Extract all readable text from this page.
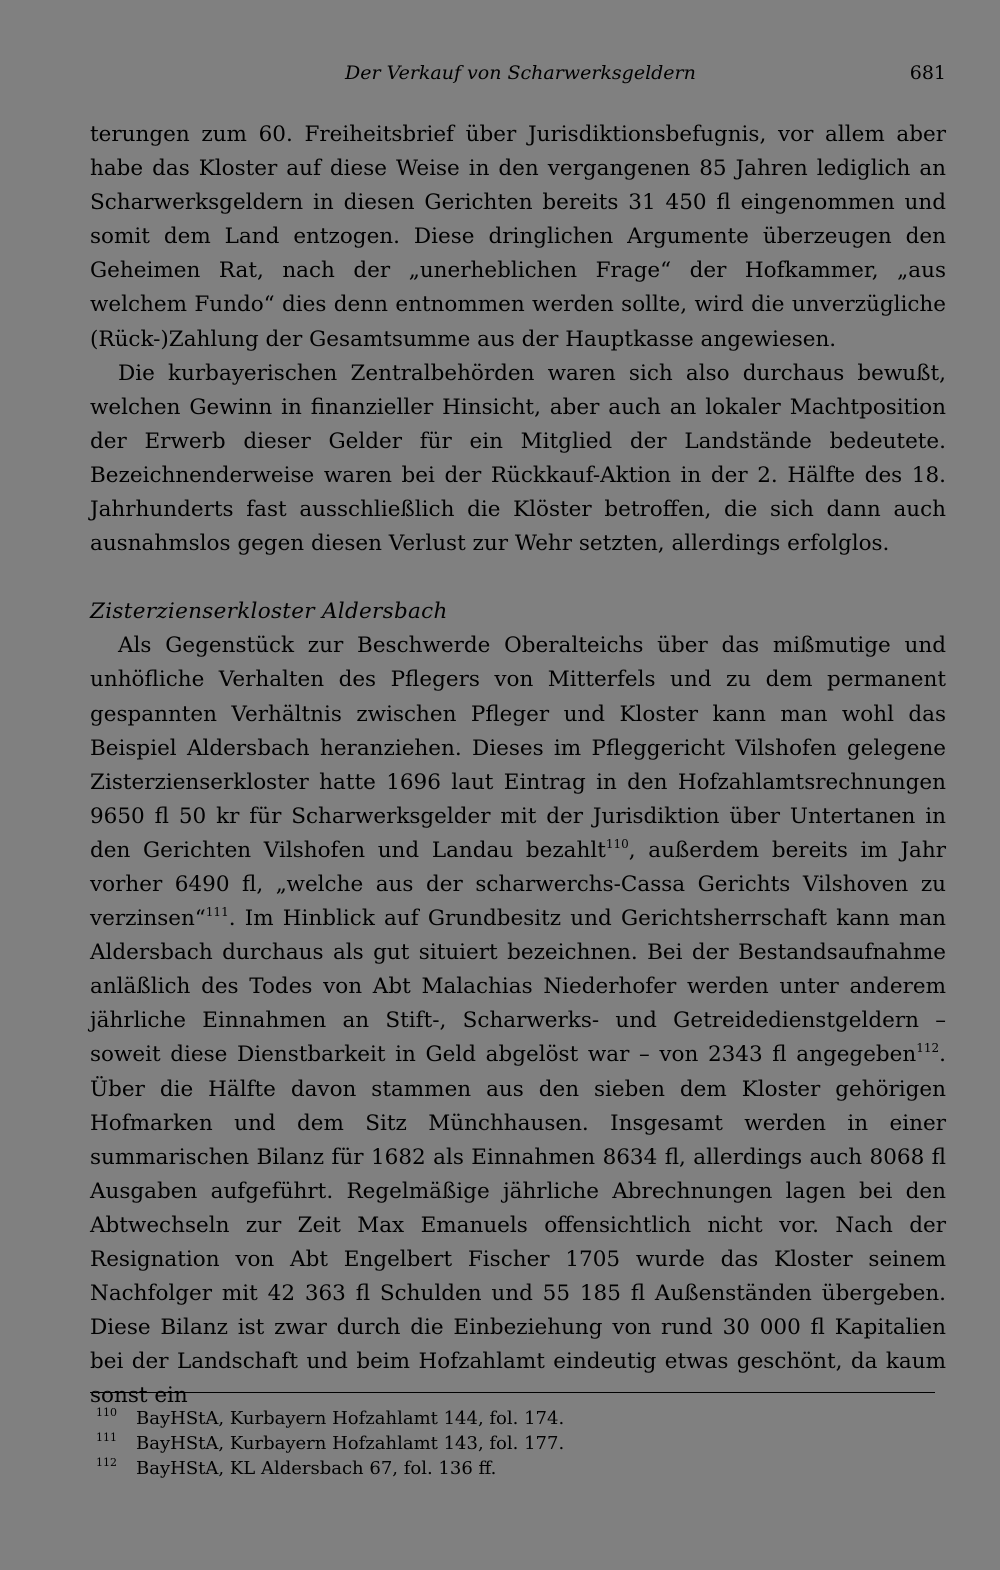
Der Verkauf von Scharwerksgeldern	681

terungen zum 60. Freiheitsbrief über Jurisdiktionsbefugnis, vor allem aber habe das Kloster auf diese Weise in den vergangenen 85 Jahren lediglich an Scharwerksgeldern in diesen Gerichten bereits 31 450 fl eingenommen und somit dem Land entzogen. Diese dringlichen Argumente überzeugen den Geheimen Rat, nach der „unerheblichen Frage“ der Hofkammer, „aus welchem Fundo“ dies denn entnommen werden sollte, wird die unverzügliche (Rück-)Zahlung der Gesamtsumme aus der Hauptkasse angewiesen.

Die kurbayerischen Zentralbehörden waren sich also durchaus bewußt, welchen Gewinn in finanzieller Hinsicht, aber auch an lokaler Machtposition der Erwerb dieser Gelder für ein Mitglied der Landstände bedeutete. Bezeichnenderweise waren bei der Rückkauf-Aktion in der 2. Hälfte des 18. Jahrhunderts fast ausschließlich die Klöster betroffen, die sich dann auch ausnahmslos gegen diesen Verlust zur Wehr setzten, allerdings erfolglos.

Zisterzienserkloster Aldersbach

Als Gegenstück zur Beschwerde Oberalteichs über das mißmutige und unhöfliche Verhalten des Pflegers von Mitterfels und zu dem permanent gespannten Verhältnis zwischen Pfleger und Kloster kann man wohl das Beispiel Aldersbach heranziehen. Dieses im Pfleggericht Vilshofen gelegene Zisterzienserkloster hatte 1696 laut Eintrag in den Hofzahlamtsrechnungen 9650 fl 50 kr für Scharwerksgelder mit der Jurisdiktion über Untertanen in den Gerichten Vilshofen und Landau bezahlt$^{110}$, außerdem bereits im Jahr vorher 6490 fl, „welche aus der scharwerchs-Cassa Gerichts Vilshoven zu verzinsen“$^{111}$. Im Hinblick auf Grundbesitz und Gerichtsherrschaft kann man Aldersbach durchaus als gut situiert bezeichnen. Bei der Bestandsaufnahme anläßlich des Todes von Abt Malachias Niederhofer werden unter anderem jährliche Einnahmen an Stift-, Scharwerks- und Getreidedienstgeldern – soweit diese Dienstbarkeit in Geld abgelöst war – von 2343 fl angegeben$^{112}$. Über die Hälfte davon stammen aus den sieben dem Kloster gehörigen Hofmarken und dem Sitz Münchhausen. Insgesamt werden in einer summarischen Bilanz für 1682 als Einnahmen 8634 fl, allerdings auch 8068 fl Ausgaben aufgeführt. Regelmäßige jährliche Abrechnungen lagen bei den Abtwechseln zur Zeit Max Emanuels offensichtlich nicht vor. Nach der Resignation von Abt Engelbert Fischer 1705 wurde das Kloster seinem Nachfolger mit 42 363 fl Schulden und 55 185 fl Außenständen übergeben. Diese Bilanz ist zwar durch die Einbeziehung von rund 30 000 fl Kapitalien bei der Landschaft und beim Hofzahlamt eindeutig etwas geschönt, da kaum sonst ein

110	BayHStA, Kurbayern Hofzahlamt 144, fol. 174.
111	BayHStA, Kurbayern Hofzahlamt 143, fol. 177.
112	BayHStA, KL Aldersbach 67, fol. 136 ff.
